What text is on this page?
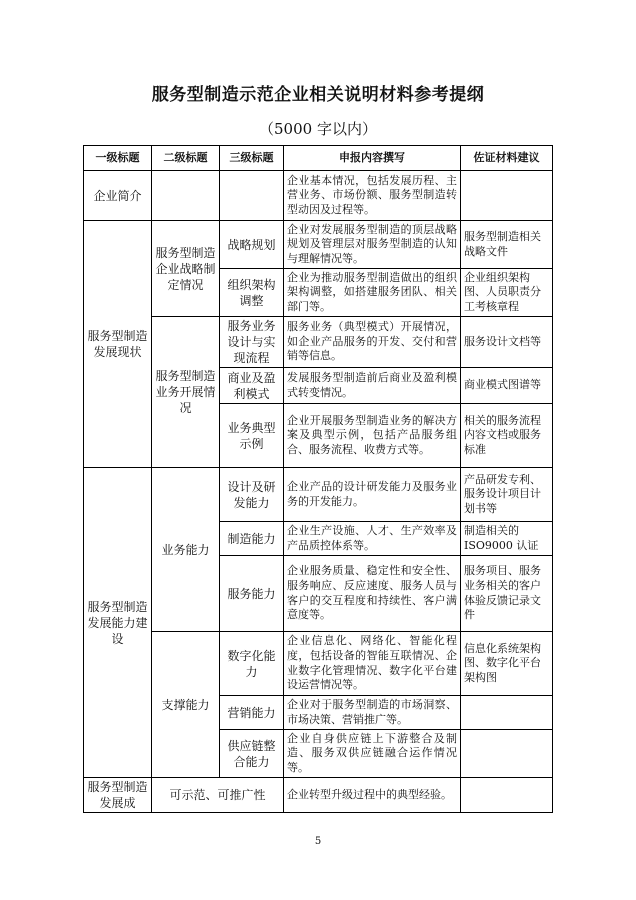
服务型制造示范企业相关说明材料参考提纲
（5000 字以内）
一级标题	二级标题	三级标题	申报内容撰写	佐证材料建议
企业简介			企业基本情况，包括发展历程、主营业务、市场份额、服务型制造转型动因及过程等。	
服务型制造发展现状	服务型制造企业战略制定情况	战略规划	企业对发展服务型制造的顶层战略规划及管理层对服务型制造的认知与理解情况等。	服务型制造相关战略文件
		组织架构调整	企业为推动服务型制造做出的组织架构调整，如搭建服务团队、相关部门等。	企业组织架构图、人员职责分工考核章程
	服务型制造业务开展情况	服务业务设计与实现流程	服务业务（典型模式）开展情况，如企业产品服务的开发、交付和营销等信息。	服务设计文档等
		商业及盈利模式	发展服务型制造前后商业及盈利模式转变情况。	商业模式图谱等
		业务典型示例	企业开展服务型制造业务的解决方案及典型示例，包括产品服务组合、服务流程、收费方式等。	相关的服务流程内容文档或服务标准
服务型制造发展能力建设	业务能力	设计及研发能力	企业产品的设计研发能力及服务业务的开发能力。	产品研发专利、服务设计项目计划书等
		制造能力	企业生产设施、人才、生产效率及产品质控体系等。	制造相关的ISO9000 认证
		服务能力	企业服务质量、稳定性和安全性、服务响应、反应速度、服务人员与客户的交互程度和持续性、客户满意度等。	服务项目、服务业务相关的客户体验反馈记录文件
	支撑能力	数字化能力	企业信息化、网络化、智能化程度，包括设备的智能互联情况、企业数字化管理情况、数字化平台建设运营情况等。	信息化系统架构图、数字化平台架构图
		营销能力	企业对于服务型制造的市场洞察、市场决策、营销推广等。	
		供应链整合能力	企业自身供应链上下游整合及制造、服务双供应链融合运作情况等。	
服务型制造发展成	可示范、可推广性		企业转型升级过程中的典型经验。	
5
